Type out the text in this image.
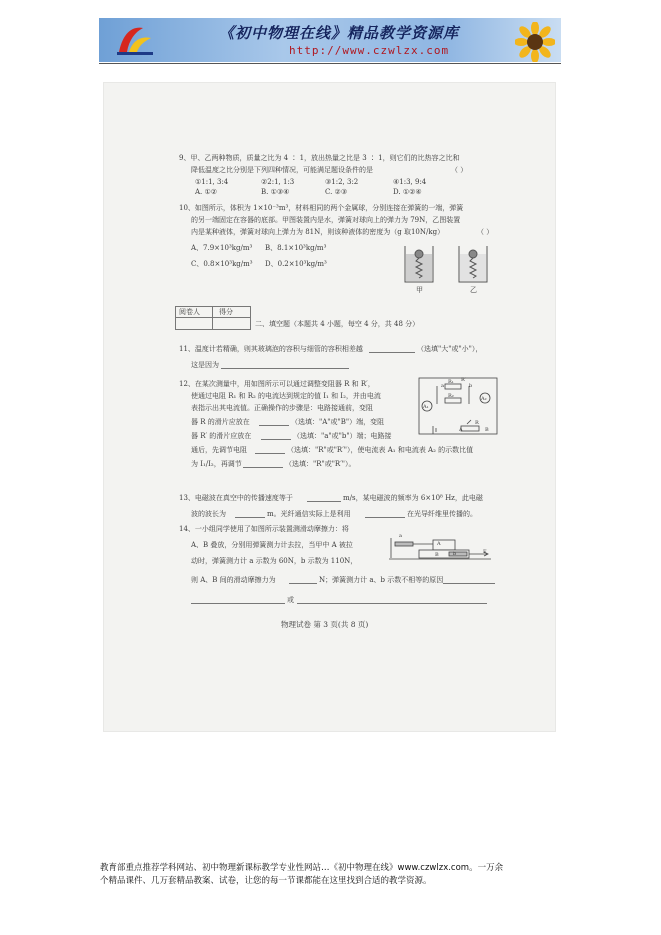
《初中物理在线》精品教学资源库
http://www.czwlzx.com
9、甲、乙两种物质，质量之比为 4 ∶ 1，放出热量之比是 3 ∶ 1，则它们的比热容之比和
降低温度之比分别是下列四种情况，可能满足题设条件的是	（ ）
①1:1, 3:4	②2:1, 1:3	③1:2, 3:2	④1:3, 9:4
A. ①②	B. ①③④	C. ②③	D. ①②④
10、如图所示，体积为 1×10⁻³m³，材料相同的两个金属球，分别连接在弹簧的一端，弹簧
的另一端固定在容器的底部。甲图装置内是水，弹簧对球向上的弹力为 79N，乙图装置
内是某种液体，弹簧对球向上弹力为 81N，则该种液体的密度为（g 取10N/kg）	（ ）
A、7.9×10³kg/m³ B、8.1×10³kg/m³
C、0.8×10³kg/m³ D、0.2×10³kg/m³
甲	乙
阅卷人	得分
二、填空题（本题共 4 小题，每空 4 分，共 48 分）
11、温度计若精确，则其玻璃泡的容积与细管的容积相差越	（选填"大"或"小"），
这是因为
12、在某次测量中，用如图所示可以通过调整变阻器 R 和 R′，
使通过电阻 R₁ 和 R₂ 的电流达到规定的值 I₁ 和 I₂，并由电流
表指示出其电流值。正确操作的步骤是：电路接通前，变阻
器 R 的滑片应放在	（选填："A"或"B"）端，变阻
器 R′ 的滑片应放在	（选填："a"或"b"）端；电路接
通后，先调节电阻	（选填："R"或"R′"），使电流表 A₁ 和电流表 A₂ 的示数比值
为 I₁/I₂，再调节	（选填："R"或"R′"）。
A₁
A₂
R₁
R₂
R′
R
a	b
A	B
13、电磁波在真空中的传播速度等于	m/s，某电磁波的频率为 6×10⁸ Hz，此电磁
波的波长为	m。光纤通信实际上是利用	在光导纤维里传播的。
14、一小组同学使用了如图所示装置测滑动摩擦力：将
A、B 叠放，分别用弹簧测力计去拉，当甲中 A 被拉
动时，弹簧测力计 a 示数为 60N，b 示数为 110N，
则 A、B 间的滑动摩擦力为	N；弹簧测力计 a、b 示数不相等的原因
或
a
A
B	b	F
物理试卷 第 3 页(共 8 页)
教育部重点推荐学科网站、初中物理新课标教学专业性网站…《初中物理在线》www.czwlzx.com。一万余
个精品课件、几万套精品教案、试卷，让您的每一节课都能在这里找到合适的教学资源。
